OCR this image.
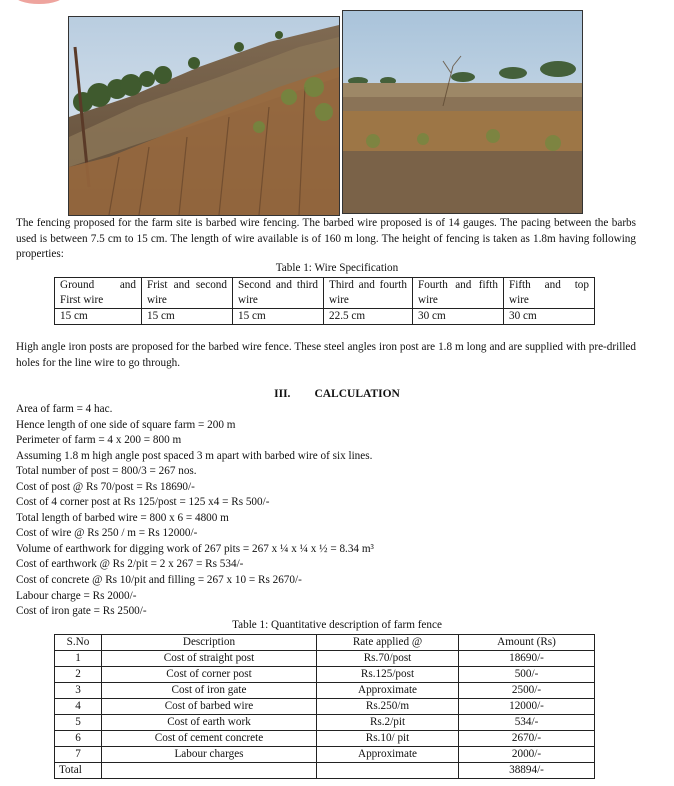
The fencing proposed for the farm site is barbed wire fencing. The barbed wire proposed is of 14 gauges. The pacing between the barbs used is between 7.5 cm to 15 cm. The length of wire available is of 160 m long. The height of fencing is taken as 1.8m having following properties:

Table 1: Wire Specification

Ground and First wire	Frist and second wire	Second and third wire	Third and fourth wire	Fourth and fifth wire	Fifth and top wire
15 cm	15 cm	15 cm	22.5 cm	30 cm	30 cm

High angle iron posts are proposed for the barbed wire fence. These steel angles iron post are 1.8 m long and are supplied with pre-drilled holes for the line wire to go through.

III. CALCULATION

Area of farm = 4 hac.
Hence length of one side of square farm = 200 m
Perimeter of farm = 4 x 200 = 800 m
Assuming 1.8 m high angle post spaced 3 m apart with barbed wire of six lines.
Total number of post = 800/3 = 267 nos.
Cost of post @ Rs 70/post = Rs 18690/-
Cost of 4 corner post at Rs 125/post = 125 x4 = Rs 500/-
Total length of barbed wire = 800 x 6 = 4800 m
Cost of wire @ Rs 250 / m = Rs 12000/-
Volume of earthwork for digging work of 267 pits = 267 x ¼ x ¼ x ½ = 8.34 m³
Cost of earthwork @ Rs 2/pit = 2 x 267 = Rs 534/-
Cost of concrete @ Rs 10/pit and filling = 267 x 10 = Rs 2670/-
Labour charge = Rs 2000/-
Cost of iron gate = Rs 2500/-

Table 1: Quantitative description of farm fence

S.No	Description	Rate applied @	Amount (Rs)
1	Cost of straight post	Rs.70/post	18690/-
2	Cost of corner post	Rs.125/post	500/-
3	Cost of iron gate	Approximate	2500/-
4	Cost of barbed wire	Rs.250/m	12000/-
5	Cost of earth work	Rs.2/pit	534/-
6	Cost of cement concrete	Rs.10/ pit	2670/-
7	Labour charges	Approximate	2000/-
Total			38894/-
